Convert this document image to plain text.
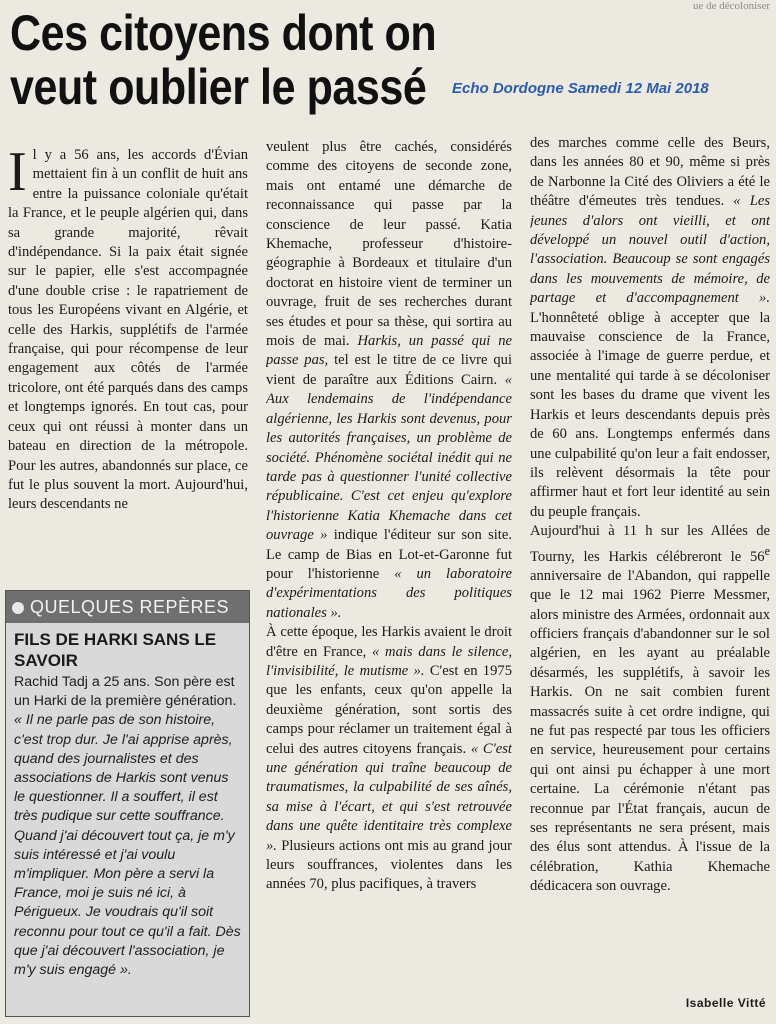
ue de décoloniser
Ces citoyens dont on veut oublier le passé	Echo Dordogne Samedi 12 Mai 2018

Il y a 56 ans, les accords d'Évian mettaient fin à un conflit de huit ans entre la puissance coloniale qu'était la France, et le peuple algérien qui, dans sa grande majorité, rêvait d'indépendance. Si la paix était signée sur le papier, elle s'est accompagnée d'une double crise : le rapatriement de tous les Européens vivant en Algérie, et celle des Harkis, supplétifs de l'armée française, qui pour récompense de leur engagement aux côtés de l'armée tricolore, ont été parqués dans des camps et longtemps ignorés. En tout cas, pour ceux qui ont réussi à monter dans un bateau en direction de la métropole. Pour les autres, abandonnés sur place, ce fut le plus souvent la mort. Aujourd'hui, leurs descendants ne

veulent plus être cachés, considérés comme des citoyens de seconde zone, mais ont entamé une démarche de reconnaissance qui passe par la conscience de leur passé. Katia Khemache, professeur d'histoire-géographie à Bordeaux et titulaire d'un doctorat en histoire vient de terminer un ouvrage, fruit de ses recherches durant ses études et pour sa thèse, qui sortira au mois de mai. Harkis, un passé qui ne passe pas, tel est le titre de ce livre qui vient de paraître aux Éditions Cairn. « Aux lendemains de l'indépendance algérienne, les Harkis sont devenus, pour les autorités françaises, un problème de société. Phénomène sociétal inédit qui ne tarde pas à questionner l'unité collective républicaine. C'est cet enjeu qu'explore l'historienne Katia Khemache dans cet ouvrage » indique l'éditeur sur son site. Le camp de Bias en Lot-et-Garonne fut pour l'historienne « un laboratoire d'expérimentations des politiques nationales ».

À cette époque, les Harkis avaient le droit d'être en France, « mais dans le silence, l'invisibilité, le mutisme ». C'est en 1975 que les enfants, ceux qu'on appelle la deuxième génération, sont sortis des camps pour réclamer un traitement égal à celui des autres citoyens français. « C'est une génération qui traîne beaucoup de traumatismes, la culpabilité de ses aînés, sa mise à l'écart, et qui s'est retrouvée dans une quête identitaire très complexe ». Plusieurs actions ont mis au grand jour leurs souffrances, violentes dans les années 70, plus pacifiques, à travers

des marches comme celle des Beurs, dans les années 80 et 90, même si près de Narbonne la Cité des Oliviers a été le théâtre d'émeutes très tendues. « Les jeunes d'alors ont vieilli, et ont développé un nouvel outil d'action, l'association. Beaucoup se sont engagés dans les mouvements de mémoire, de partage et d'accompagnement ». L'honnêteté oblige à accepter que la mauvaise conscience de la France, associée à l'image de guerre perdue, et une mentalité qui tarde à se décoloniser sont les bases du drame que vivent les Harkis et leurs descendants depuis près de 60 ans. Longtemps enfermés dans une culpabilité qu'on leur a fait endosser, ils relèvent désormais la tête pour affirmer haut et fort leur identité au sein du peuple français.

Aujourd'hui à 11 h sur les Allées de Tourny, les Harkis célébreront le 56e anniversaire de l'Abandon, qui rappelle que le 12 mai 1962 Pierre Messmer, alors ministre des Armées, ordonnait aux officiers français d'abandonner sur le sol algérien, en les ayant au préalable désarmés, les supplétifs, à savoir les Harkis. On ne sait combien furent massacrés suite à cet ordre indigne, qui ne fut pas respecté par tous les officiers en service, heureusement pour certains qui ont ainsi pu échapper à une mort certaine. La cérémonie n'étant pas reconnue par l'État français, aucun de ses représentants ne sera présent, mais des élus sont attendus. À l'issue de la célébration, Kathia Khemache dédicacera son ouvrage.

QUELQUES REPÈRES
FILS DE HARKI SANS LE SAVOIR
Rachid Tadj a 25 ans. Son père est un Harki de la première génération. « Il ne parle pas de son histoire, c'est trop dur. Je l'ai apprise après, quand des journalistes et des associations de Harkis sont venus le questionner. Il a souffert, il est très pudique sur cette souffrance. Quand j'ai découvert tout ça, je m'y suis intéressé et j'ai voulu m'impliquer. Mon père a servi la France, moi je suis né ici, à Périgueux. Je voudrais qu'il soit reconnu pour tout ce qu'il a fait. Dès que j'ai découvert l'association, je m'y suis engagé ».
Isabelle Vitté
